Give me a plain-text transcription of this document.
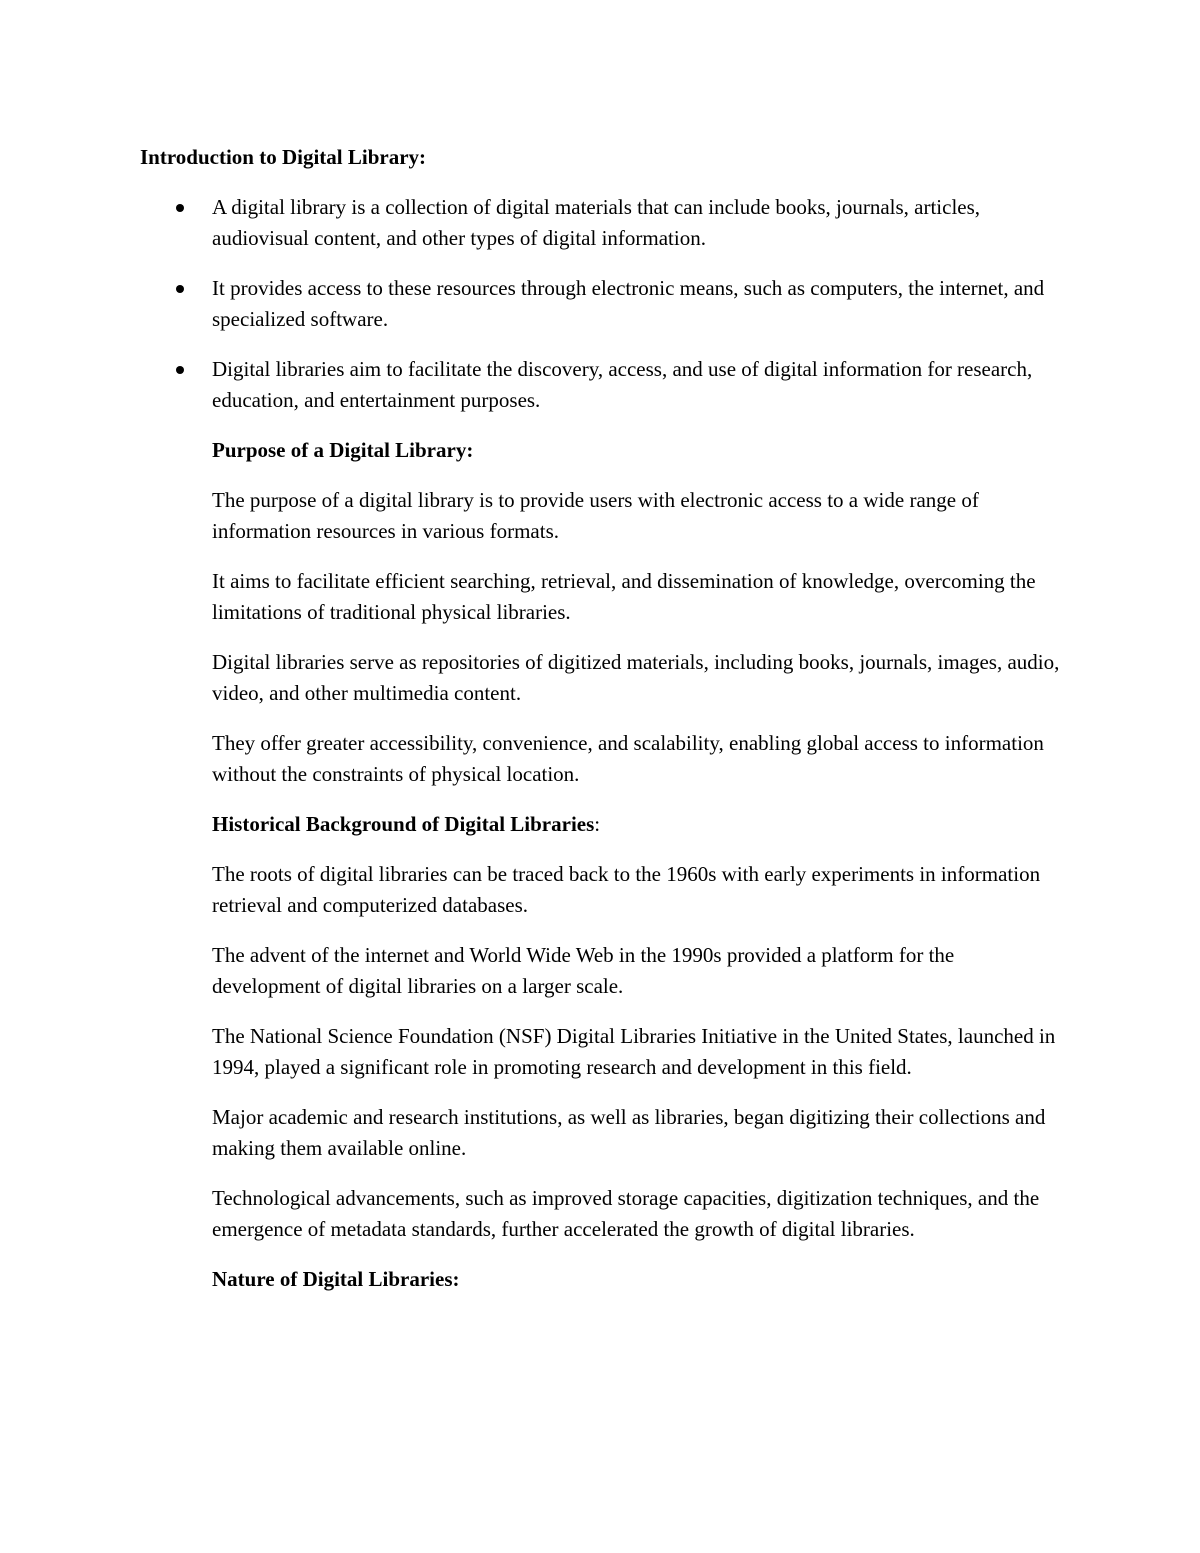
Introduction to Digital Library:
A digital library is a collection of digital materials that can include books, journals, articles, audiovisual content, and other types of digital information.
It provides access to these resources through electronic means, such as computers, the internet, and specialized software.
Digital libraries aim to facilitate the discovery, access, and use of digital information for research, education, and entertainment purposes.
Purpose of a Digital Library:
The purpose of a digital library is to provide users with electronic access to a wide range of information resources in various formats.
It aims to facilitate efficient searching, retrieval, and dissemination of knowledge, overcoming the limitations of traditional physical libraries.
Digital libraries serve as repositories of digitized materials, including books, journals, images, audio, video, and other multimedia content.
They offer greater accessibility, convenience, and scalability, enabling global access to information without the constraints of physical location.
Historical Background of Digital Libraries:
The roots of digital libraries can be traced back to the 1960s with early experiments in information retrieval and computerized databases.
The advent of the internet and World Wide Web in the 1990s provided a platform for the development of digital libraries on a larger scale.
The National Science Foundation (NSF) Digital Libraries Initiative in the United States, launched in 1994, played a significant role in promoting research and development in this field.
Major academic and research institutions, as well as libraries, began digitizing their collections and making them available online.
Technological advancements, such as improved storage capacities, digitization techniques, and the emergence of metadata standards, further accelerated the growth of digital libraries.
Nature of Digital Libraries:
